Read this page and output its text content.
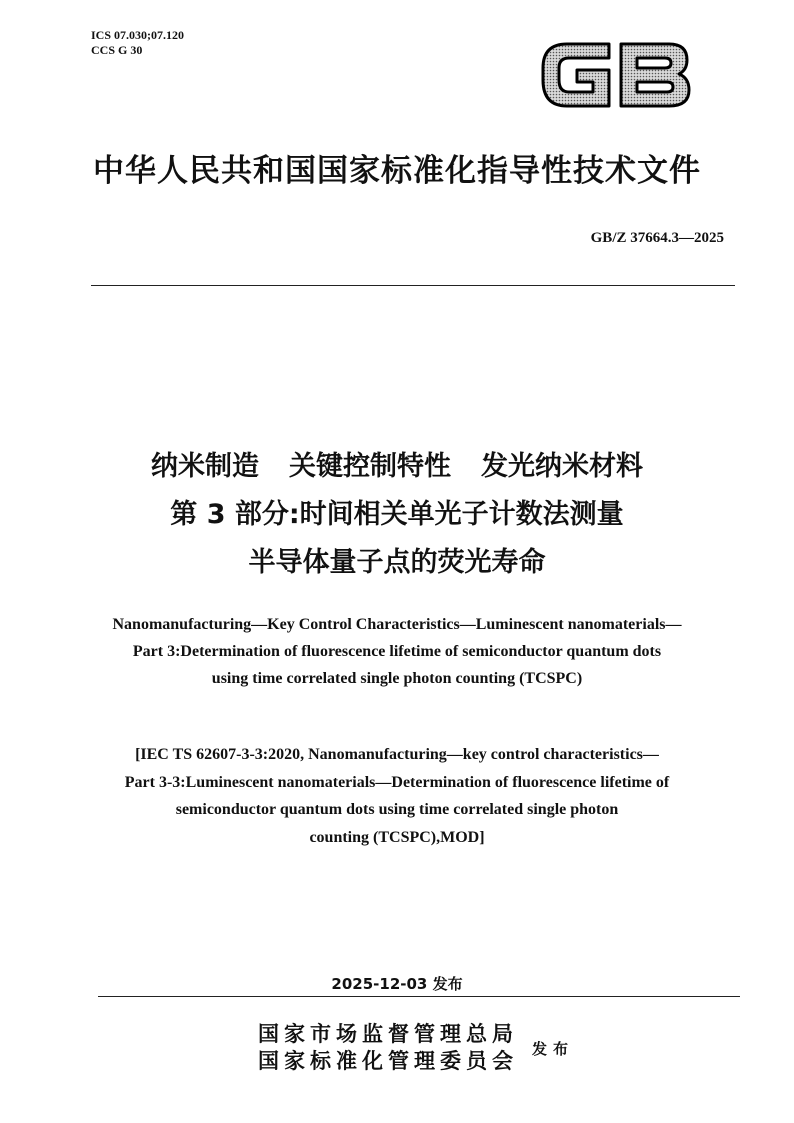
ICS 07.030;07.120
CCS G 30
中华人民共和国国家标准化指导性技术文件
GB/Z 37664.3—2025
纳米制造 关键控制特性 发光纳米材料
第 3 部分:时间相关单光子计数法测量
半导体量子点的荧光寿命
Nanomanufacturing—Key Control Characteristics—Luminescent nanomaterials—
Part 3:Determination of fluorescence lifetime of semiconductor quantum dots
using time correlated single photon counting (TCSPC)
[IEC TS 62607-3-3:2020, Nanomanufacturing—key control characteristics—
Part 3-3:Luminescent nanomaterials—Determination of fluorescence lifetime of
semiconductor quantum dots using time correlated single photon
counting (TCSPC),MOD]
2025-12-03 发布
国家市场监督管理总局
国家标准化管理委员会 发布
